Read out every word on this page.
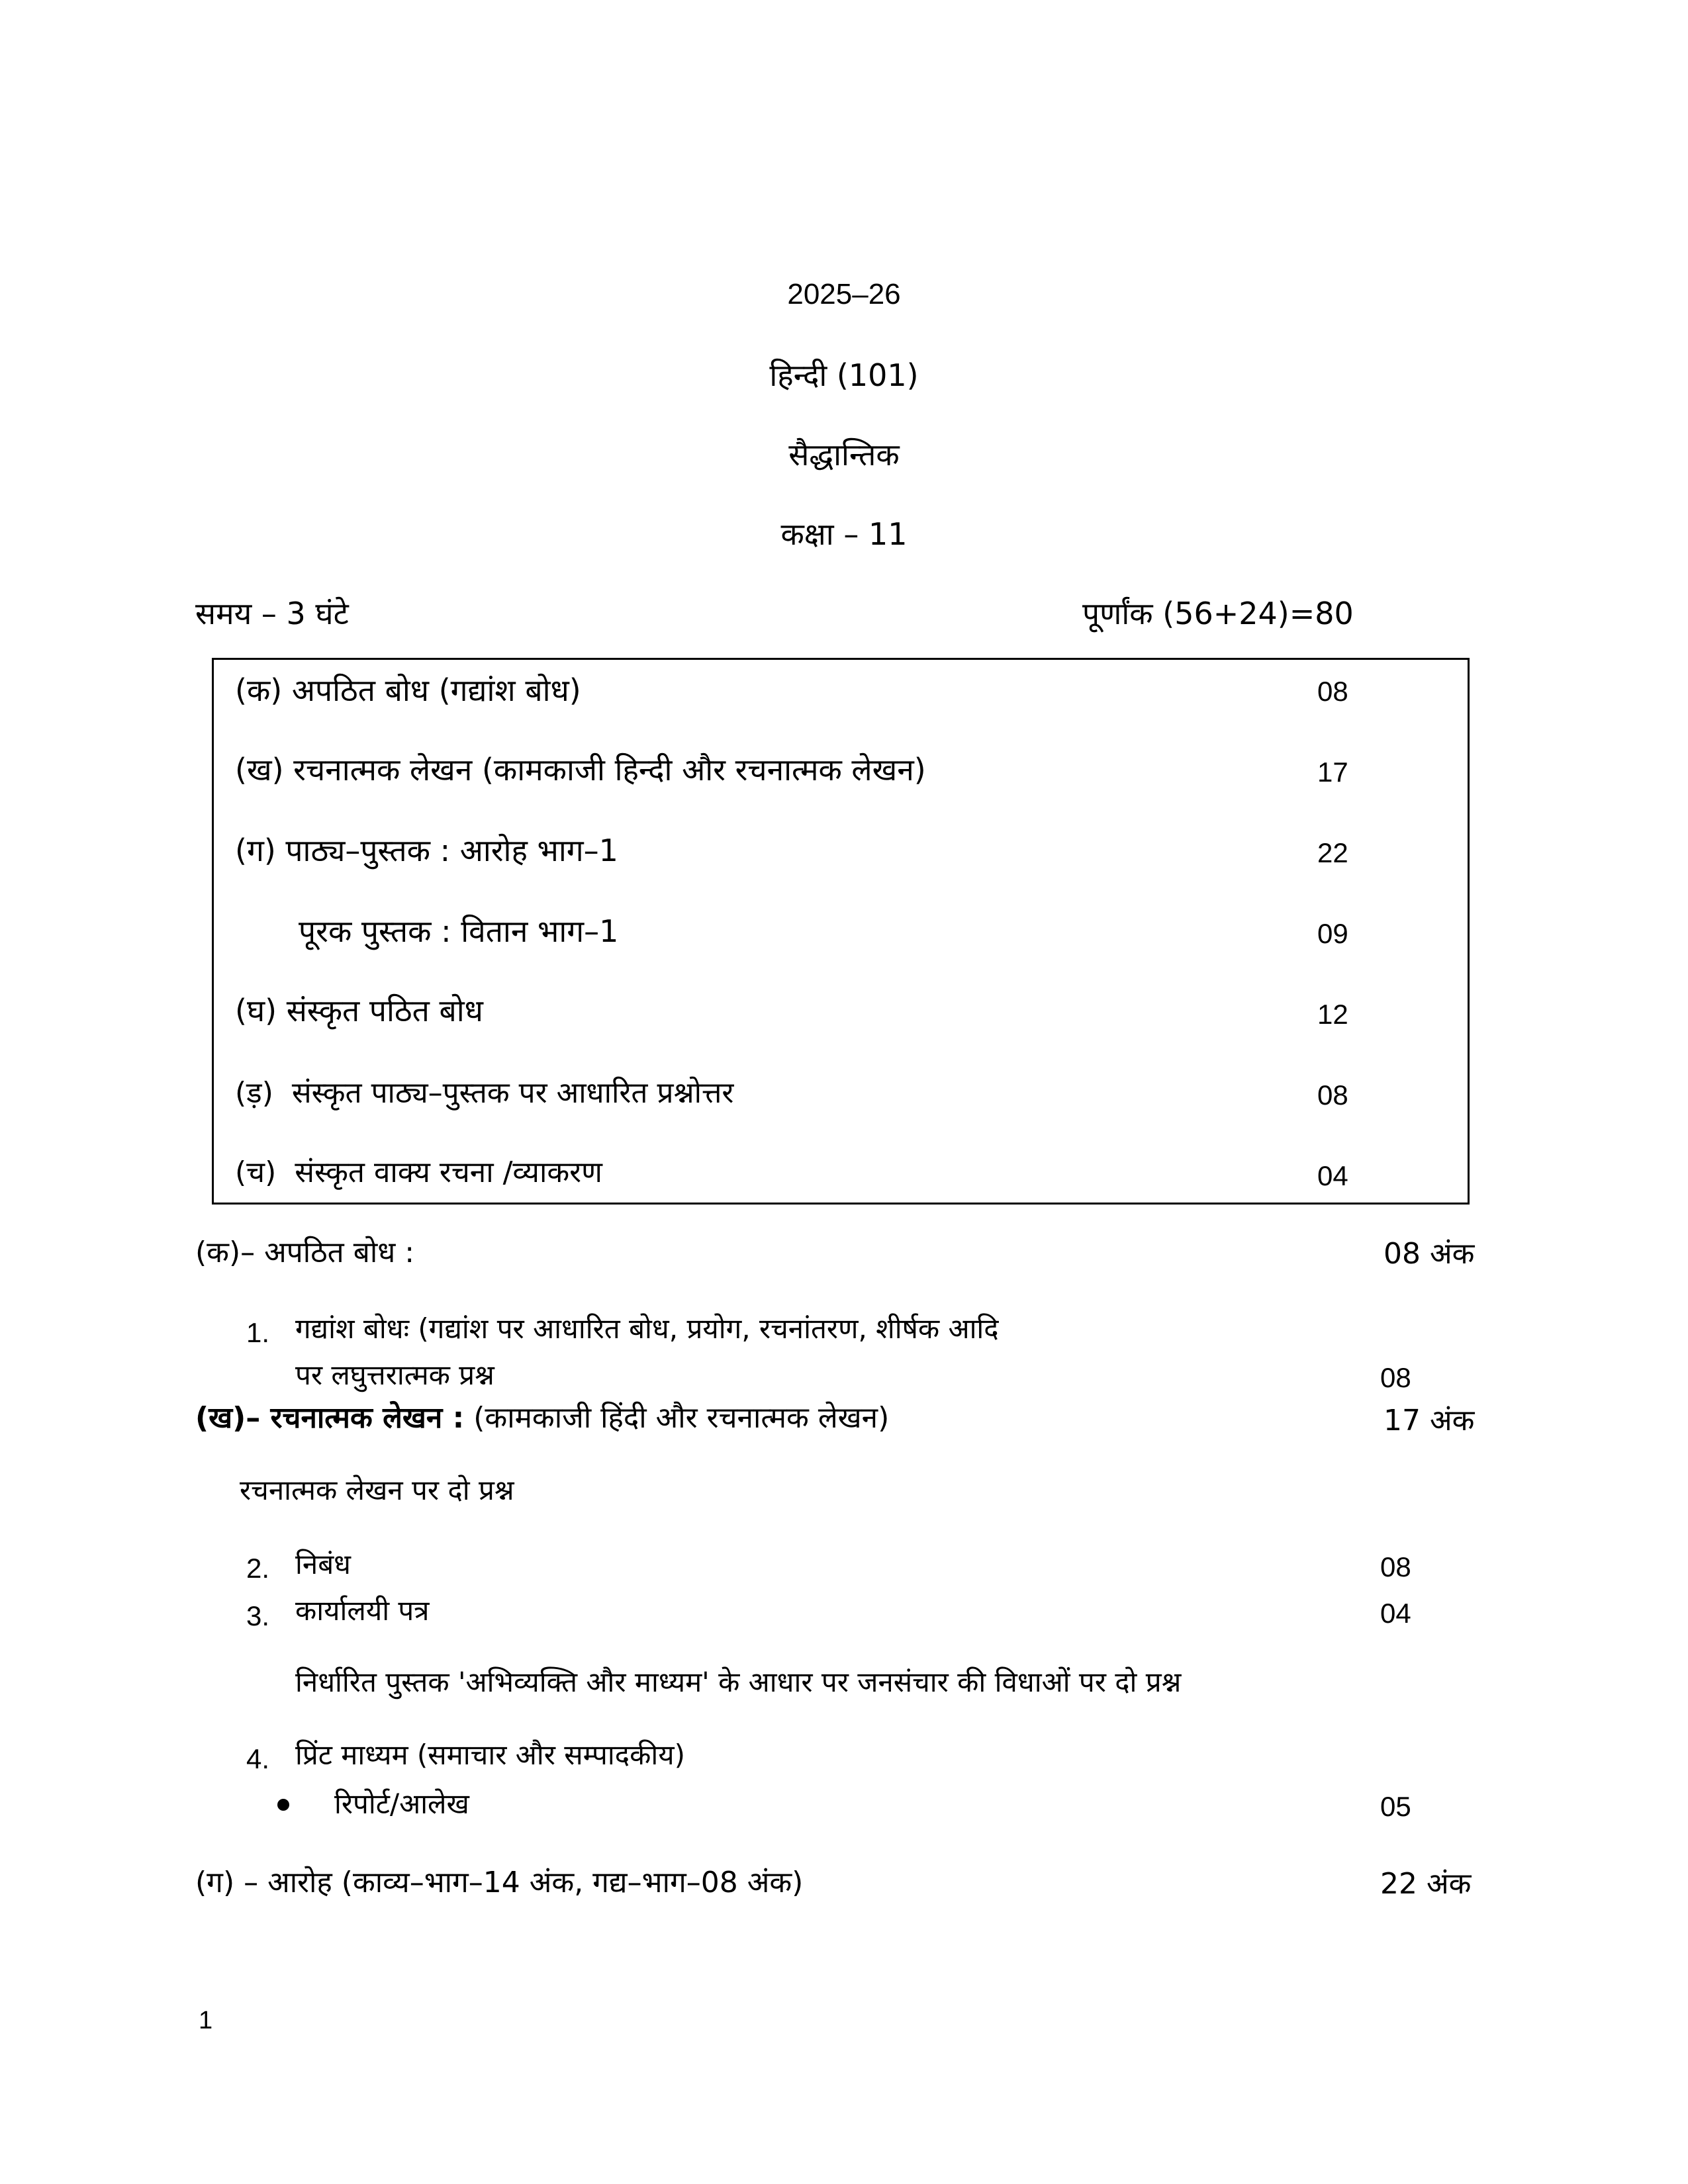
2025–26
हिन्दी (101)
सैद्धान्तिक
कक्षा – 11
समय – 3 घंटे	पूर्णांक (56+24)=80
(क) अपठित बोध (गद्यांश बोध)	08
(ख) रचनात्मक लेखन (कामकाजी हिन्दी और रचनात्मक लेखन)	17
(ग) पाठ्य–पुस्तक : आरोह भाग–1	22
पूरक पुस्तक : वितान भाग–1	09
(घ) संस्कृत पठित बोध	12
(ड़)  संस्कृत पाठ्य–पुस्तक पर आधारित प्रश्नोत्तर	08
(च)  संस्कृत वाक्य रचना /व्याकरण	04
(क)– अपठित बोध :	08 अंक
1. गद्यांश बोधः (गद्यांश पर आधारित बोध, प्रयोग, रचनांतरण, शीर्षक आदि
पर लघुत्तरात्मक प्रश्न	08
(ख)– रचनात्मक लेखन : (कामकाजी हिंदी और रचनात्मक लेखन)	17 अंक
रचनात्मक लेखन पर दो प्रश्न
2. निबंध	08
3. कार्यालयी पत्र	04
निर्धारित पुस्तक 'अभिव्यक्ति और माध्यम' के आधार पर जनसंचार की विधाओं पर दो प्रश्न
4. प्रिंट माध्यम (समाचार और सम्पादकीय)
रिपोर्ट/आलेख	05
(ग) – आरोह (काव्य–भाग–14 अंक, गद्य–भाग–08 अंक)	22 अंक
1
